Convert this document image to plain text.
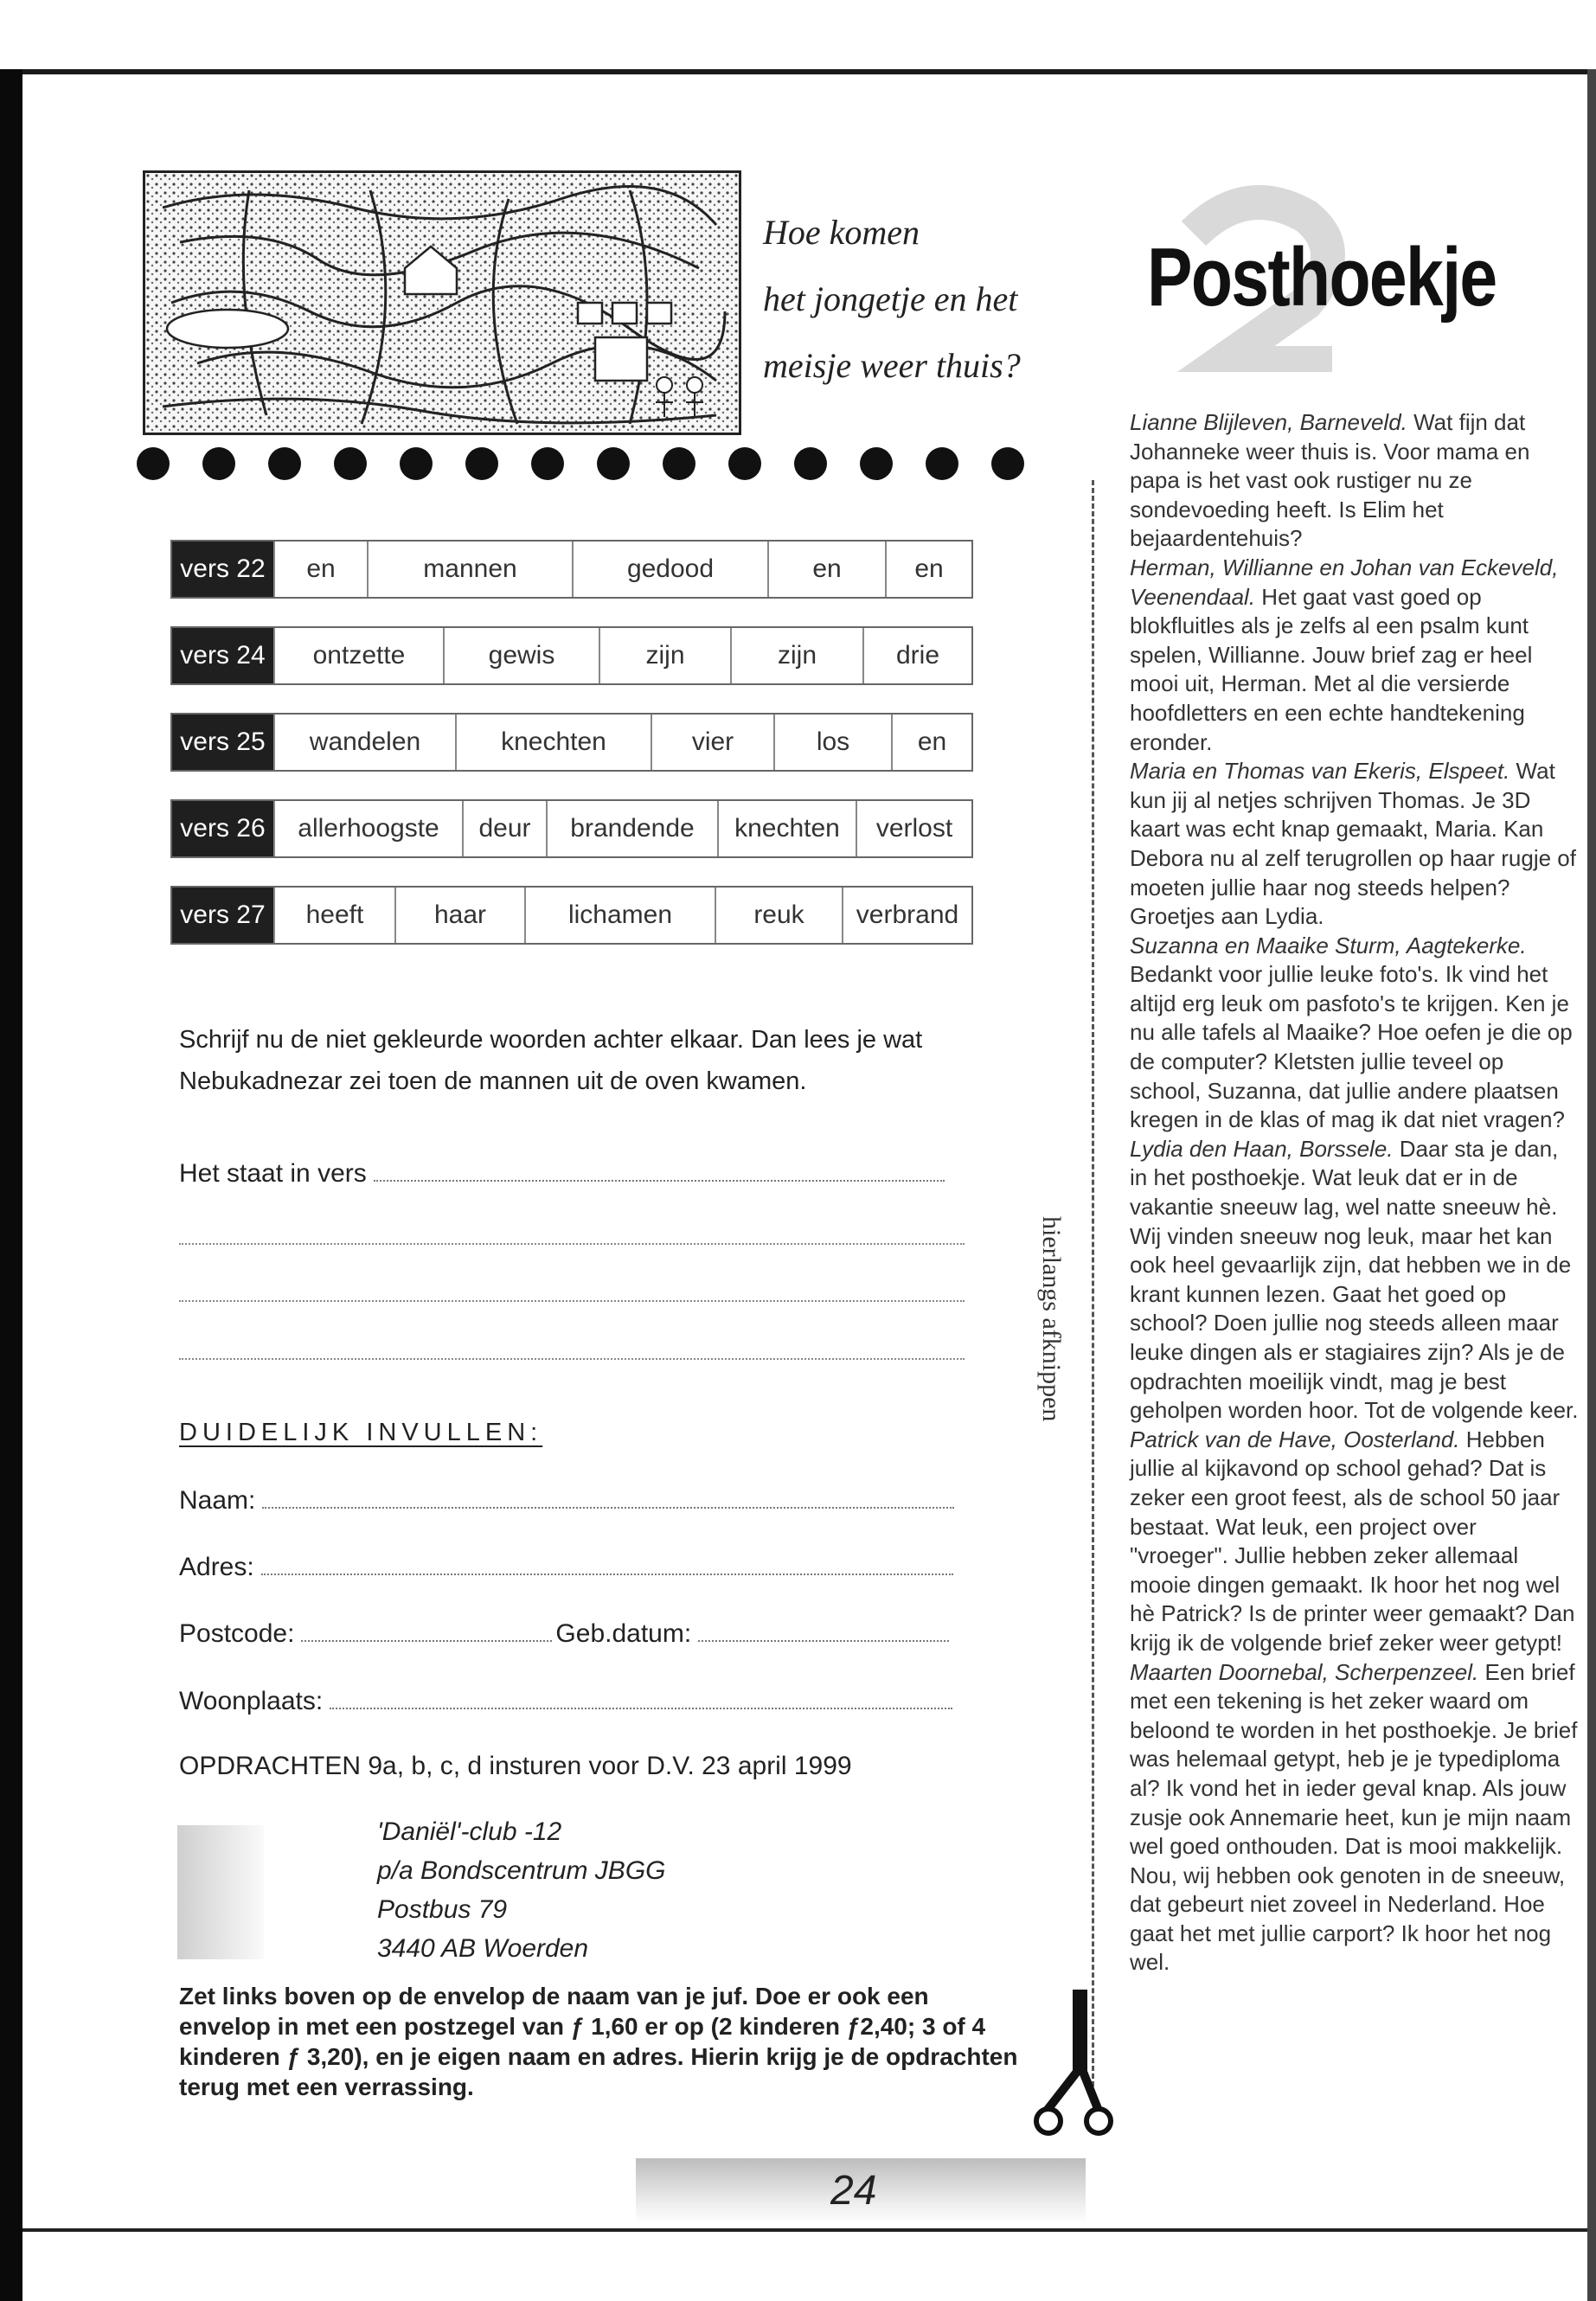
Hoe komen
het jongetje en het
meisje weer thuis?
Posthoekje
vers 22	en	mannen	gedood	en	en
vers 24	ontzette	gewis	zijn	zijn	drie
vers 25	wandelen	knechten	vier	los	en
vers 26	allerhoogste	deur	brandende	knechten	verlost
vers 27	heeft	haar	lichamen	reuk	verbrand
Schrijf nu de niet gekleurde woorden achter elkaar. Dan lees je wat Nebukadnezar zei toen de mannen uit de oven kwamen.
Het staat in vers
DUIDELIJK INVULLEN:
Naam:
Adres:
Postcode:	Geb.datum:
Woonplaats:
OPDRACHTEN 9a, b, c, d insturen voor D.V. 23 april 1999
'Daniël'-club -12
p/a Bondscentrum JBGG
Postbus 79
3440 AB Woerden
Zet links boven op de envelop de naam van je juf. Doe er ook een envelop in met een postzegel van ƒ 1,60 er op (2 kinderen ƒ2,40; 3 of 4 kinderen ƒ 3,20), en je eigen naam en adres. Hierin krijg je de opdrachten terug met een verrassing.
hierlangs afknippen

Lianne Blijleven, Barneveld. Wat fijn dat Johanneke weer thuis is. Voor mama en papa is het vast ook rustiger nu ze sondevoeding heeft. Is Elim het bejaardentehuis?

Herman, Willianne en Johan van Eckeveld, Veenendaal. Het gaat vast goed op blokfluitles als je zelfs al een psalm kunt spelen, Willianne. Jouw brief zag er heel mooi uit, Herman. Met al die versierde hoofdletters en een echte handtekening eronder.

Maria en Thomas van Ekeris, Elspeet. Wat kun jij al netjes schrijven Thomas. Je 3D kaart was echt knap gemaakt, Maria. Kan Debora nu al zelf terugrollen op haar rugje of moeten jullie haar nog steeds helpen? Groetjes aan Lydia.

Suzanna en Maaike Sturm, Aagtekerke. Bedankt voor jullie leuke foto's. Ik vind het altijd erg leuk om pasfoto's te krijgen. Ken je nu alle tafels al Maaike? Hoe oefen je die op de computer? Kletsten jullie teveel op school, Suzanna, dat jullie andere plaatsen kregen in de klas of mag ik dat niet vragen?

Lydia den Haan, Borssele. Daar sta je dan, in het posthoekje. Wat leuk dat er in de vakantie sneeuw lag, wel natte sneeuw hè. Wij vinden sneeuw nog leuk, maar het kan ook heel gevaarlijk zijn, dat hebben we in de krant kunnen lezen. Gaat het goed op school? Doen jullie nog steeds alleen maar leuke dingen als er stagiaires zijn? Als je de opdrachten moeilijk vindt, mag je best geholpen worden hoor. Tot de volgende keer.

Patrick van de Have, Oosterland. Hebben jullie al kijkavond op school gehad? Dat is zeker een groot feest, als de school 50 jaar bestaat. Wat leuk, een project over "vroeger". Jullie hebben zeker allemaal mooie dingen gemaakt. Ik hoor het nog wel hè Patrick? Is de printer weer gemaakt? Dan krijg ik de volgende brief zeker weer getypt!

Maarten Doornebal, Scherpenzeel. Een brief met een tekening is het zeker waard om beloond te worden in het posthoekje. Je brief was helemaal getypt, heb je je typediploma al? Ik vond het in ieder geval knap. Als jouw zusje ook Annemarie heet, kun je mijn naam wel goed onthouden. Dat is mooi makkelijk. Nou, wij hebben ook genoten in de sneeuw, dat gebeurt niet zoveel in Nederland. Hoe gaat het met jullie carport? Ik hoor het nog wel.

24
